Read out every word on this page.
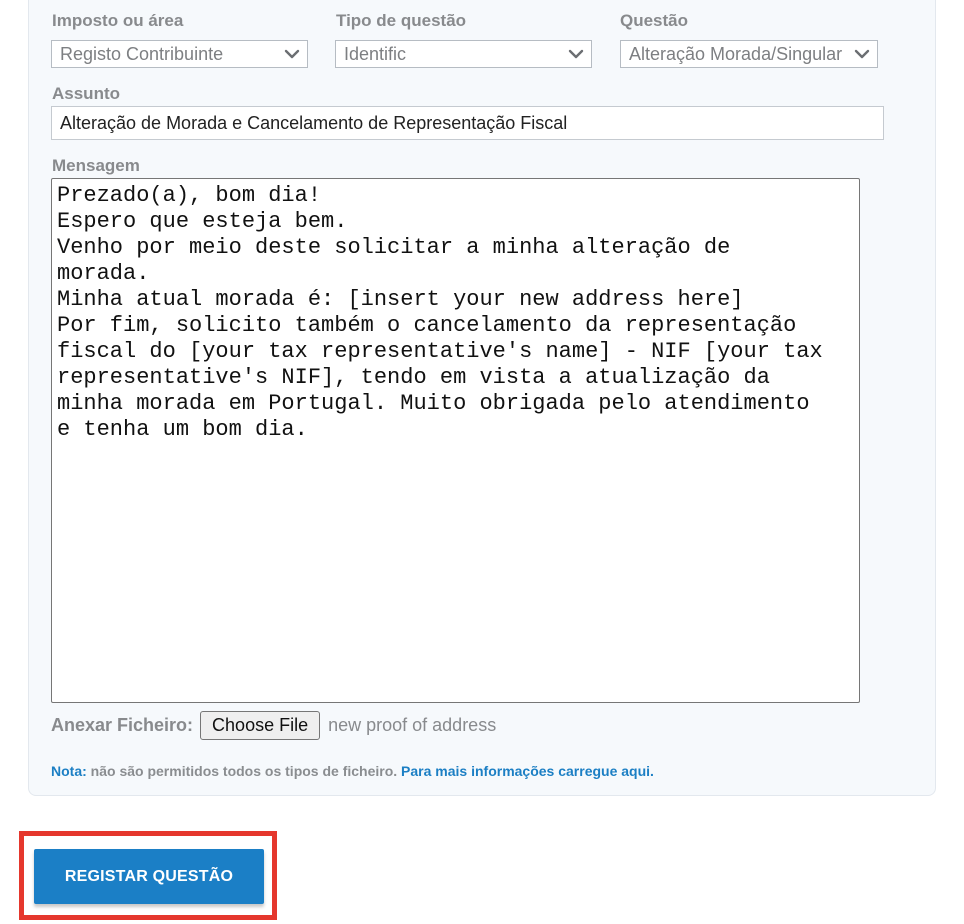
Imposto ou área
Registo Contribuinte
Tipo de questão
Identific
Questão
Alteração Morada/Singular
Assunto
Alteração de Morada e Cancelamento de Representação Fiscal
Mensagem
Prezado(a), bom dia! Espero que esteja bem. Venho por meio deste solicitar a minha alteração de morada. Minha atual morada é: [insert your new address here] Por fim, solicito também o cancelamento da representação fiscal do [your tax representative's name] - NIF [your tax representative's NIF], tendo em vista a atualização da minha morada em Portugal. Muito obrigada pelo atendimento e tenha um bom dia.
Anexar Ficheiro:	Choose File	new proof of address
Nota: não são permitidos todos os tipos de ficheiro. Para mais informações carregue aqui.
REGISTAR QUESTÃO
